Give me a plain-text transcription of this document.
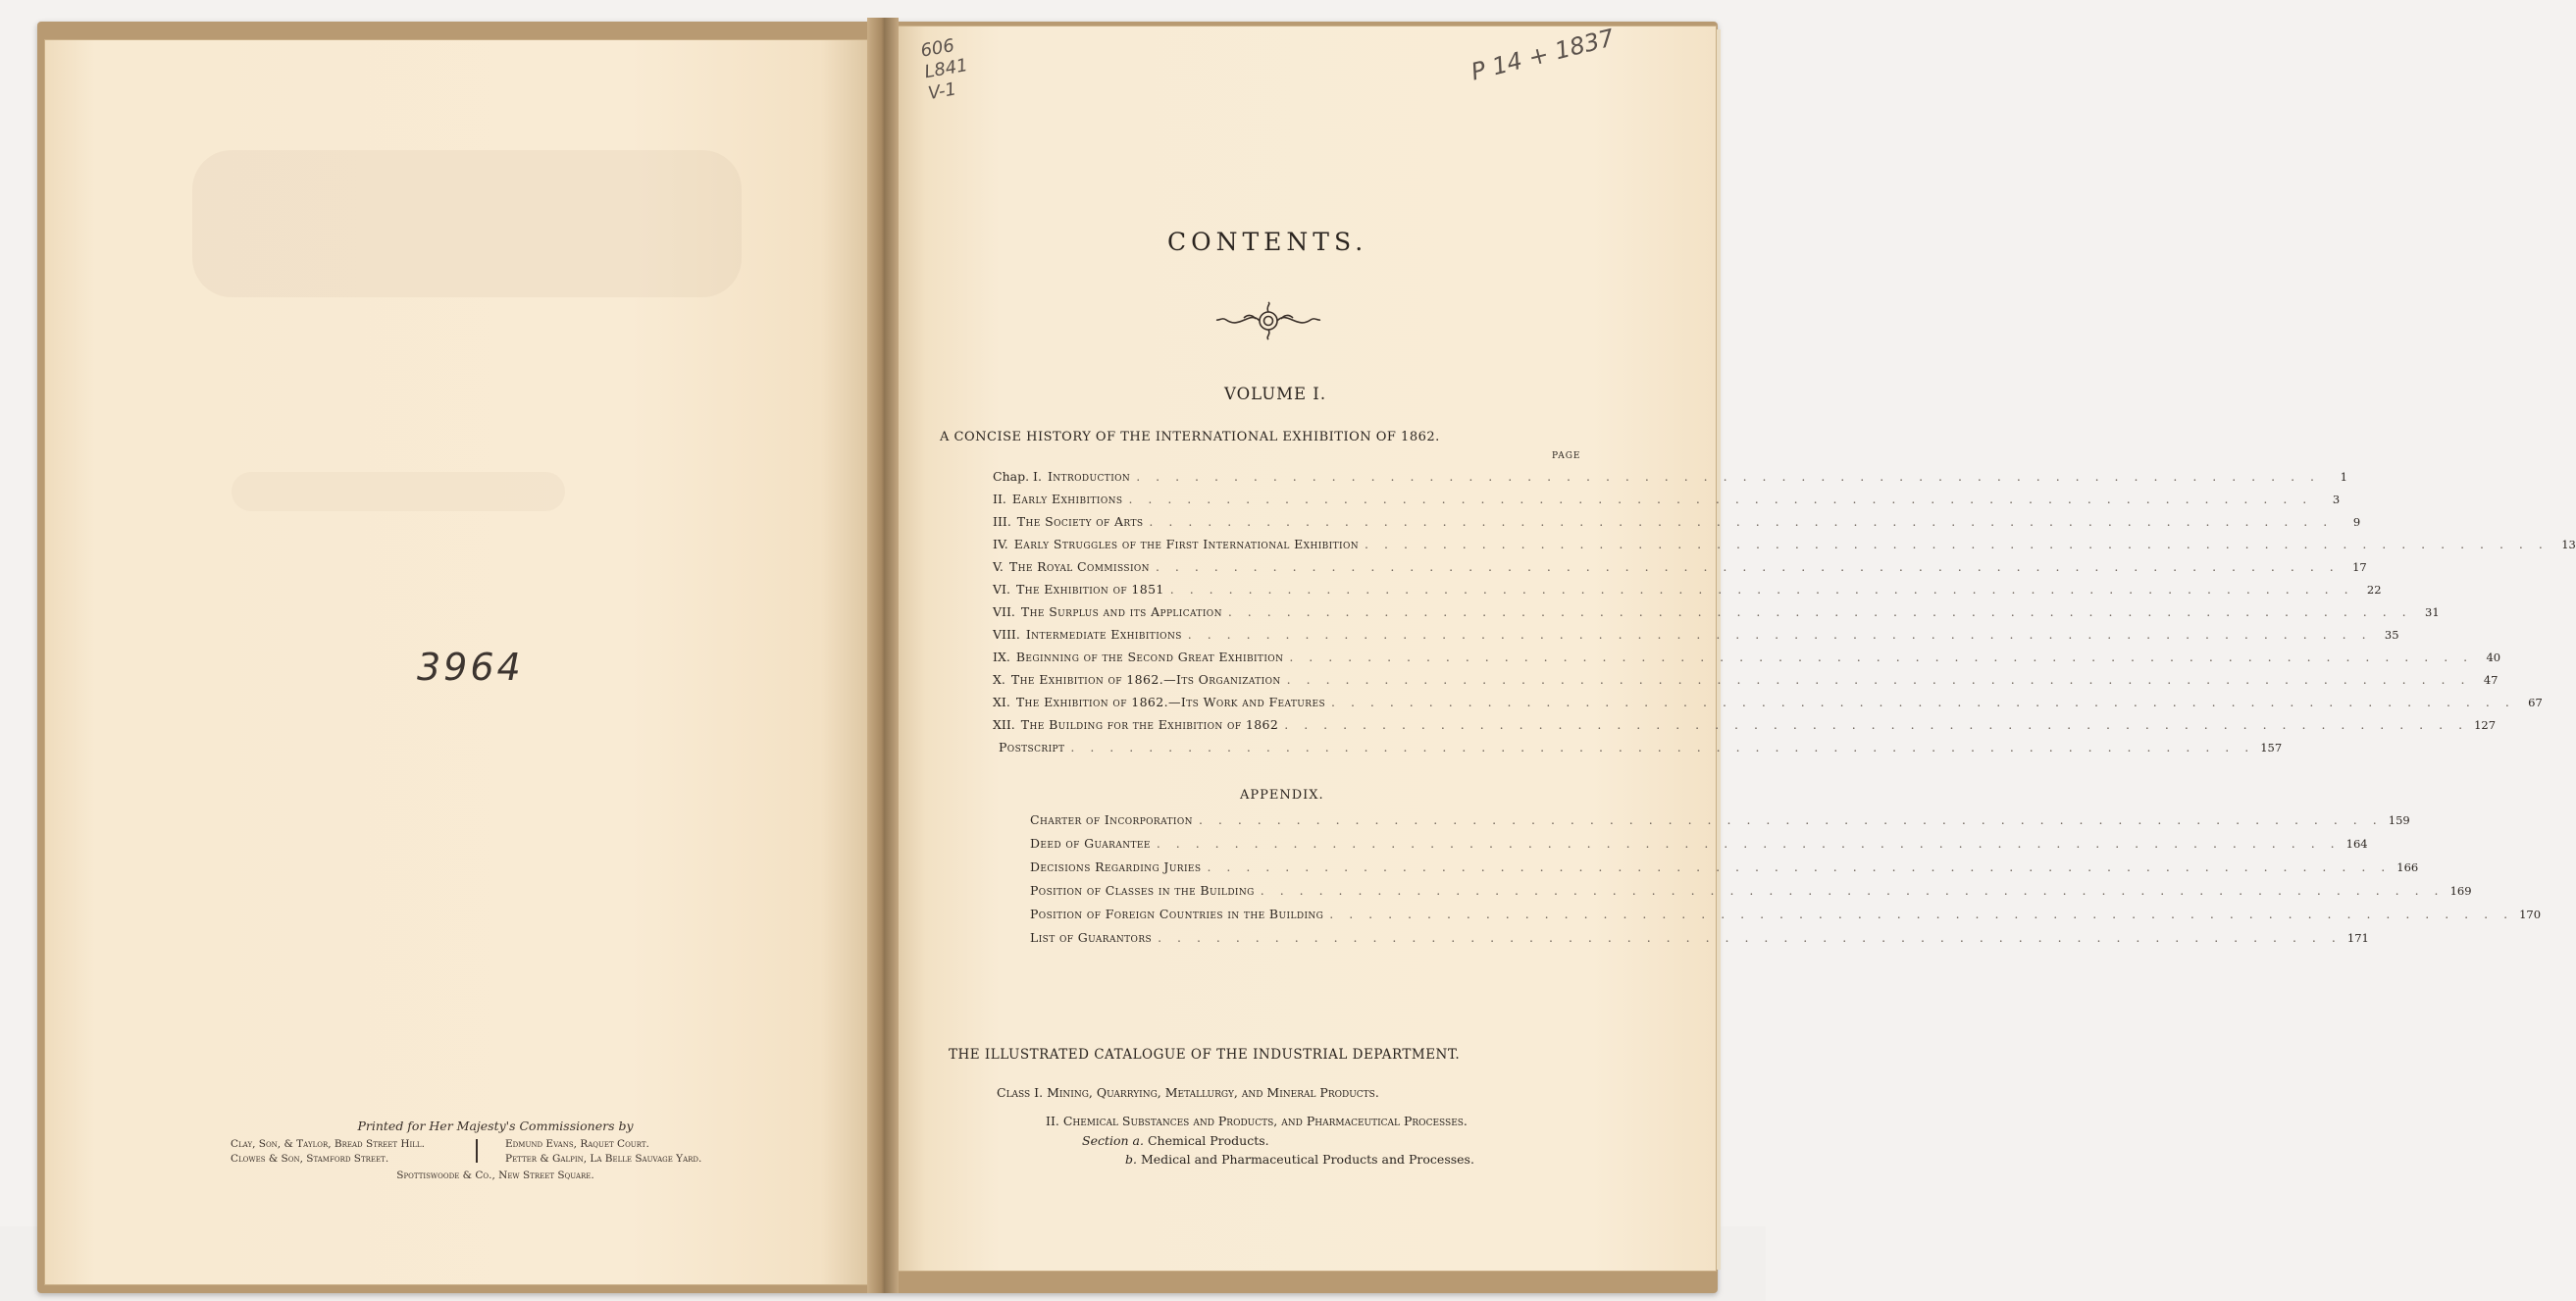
3964
Printed for Her Majesty's Commissioners by
Clay, Son, & Taylor, Bread Street Hill.
Clowes & Son, Stamford Street.
Edmund Evans, Raquet Court.
Petter & Galpin, La Belle Sauvage Yard.
Spottiswoode & Co., New Street Square.
606
L841
V-1
P 14 + 1837
CONTENTS.
VOLUME I.
A CONCISE HISTORY OF THE INTERNATIONAL EXHIBITION OF 1862.
PAGE
Chap. I. Introduction . . . . . . . . . . . . . . . . . . . . . . . . . . . . . . . . . . . . . . . . . . . . . . . . . . . . . . . . . . . . .	1
II. Early Exhibitions . . . . . . . . . . . . . . . . . . . . . . . . . . . . . . . . . . . . . . . . . . . . . . . . . . . . . . . . . . . . .	3
III. The Society of Arts . . . . . . . . . . . . . . . . . . . . . . . . . . . . . . . . . . . . . . . . . . . . . . . . . . . . . . . . . . . . .	9
IV. Early Struggles of the First International Exhibition . . . . . . . . . . . . . . . . . . . . . . . . . . . . . . . . . . . . . . . . . . . . . . . . . . . . . . . . . . . . .	13
V. The Royal Commission . . . . . . . . . . . . . . . . . . . . . . . . . . . . . . . . . . . . . . . . . . . . . . . . . . . . . . . . . . . . .	17
VI. The Exhibition of 1851 . . . . . . . . . . . . . . . . . . . . . . . . . . . . . . . . . . . . . . . . . . . . . . . . . . . . . . . . . . . . .	22
VII. The Surplus and its Application . . . . . . . . . . . . . . . . . . . . . . . . . . . . . . . . . . . . . . . . . . . . . . . . . . . . . . . . . . . . .	31
VIII. Intermediate Exhibitions . . . . . . . . . . . . . . . . . . . . . . . . . . . . . . . . . . . . . . . . . . . . . . . . . . . . . . . . . . . . .	35
IX. Beginning of the Second Great Exhibition . . . . . . . . . . . . . . . . . . . . . . . . . . . . . . . . . . . . . . . . . . . . . . . . . . . . . . . . . . . . .	40
X. The Exhibition of 1862.—Its Organization . . . . . . . . . . . . . . . . . . . . . . . . . . . . . . . . . . . . . . . . . . . . . . . . . . . . . . . . . . . . .	47
XI. The Exhibition of 1862.—Its Work and Features . . . . . . . . . . . . . . . . . . . . . . . . . . . . . . . . . . . . . . . . . . . . . . . . . . . . . . . . . . . . .	67
XII. The Building for the Exhibition of 1862 . . . . . . . . . . . . . . . . . . . . . . . . . . . . . . . . . . . . . . . . . . . . . . . . . . . . . . . . . . . . . 127
Postscript . . . . . . . . . . . . . . . . . . . . . . . . . . . . . . . . . . . . . . . . . . . . . . . . . . . . . . . . . . . . . 157
APPENDIX.
Charter of Incorporation . . . . . . . . . . . . . . . . . . . . . . . . . . . . . . . . . . . . . . . . . . . . . . . . . . . . . . . . . . . . . 159
Deed of Guarantee . . . . . . . . . . . . . . . . . . . . . . . . . . . . . . . . . . . . . . . . . . . . . . . . . . . . . . . . . . . . . 164
Decisions Regarding Juries . . . . . . . . . . . . . . . . . . . . . . . . . . . . . . . . . . . . . . . . . . . . . . . . . . . . . . . . . . . . . 166
Position of Classes in the Building . . . . . . . . . . . . . . . . . . . . . . . . . . . . . . . . . . . . . . . . . . . . . . . . . . . . . . . . . . . . . 169
Position of Foreign Countries in the Building . . . . . . . . . . . . . . . . . . . . . . . . . . . . . . . . . . . . . . . . . . . . . . . . . . . . . . . . . . . . . 170
List of Guarantors . . . . . . . . . . . . . . . . . . . . . . . . . . . . . . . . . . . . . . . . . . . . . . . . . . . . . . . . . . . . . 171
THE ILLUSTRATED CATALOGUE OF THE INDUSTRIAL DEPARTMENT.
Class I. Mining, Quarrying, Metallurgy, and Mineral Products.
II. Chemical Substances and Products, and Pharmaceutical Processes.
Section a. Chemical Products.
b. Medical and Pharmaceutical Products and Processes.
